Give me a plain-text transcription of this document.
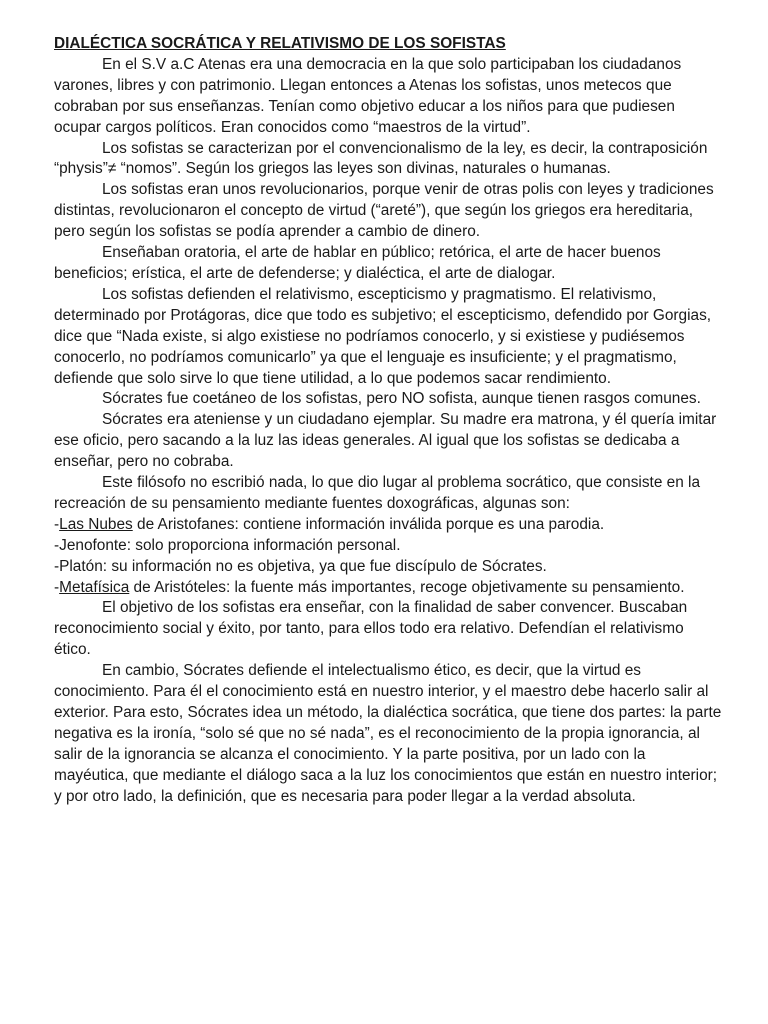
DIALÉCTICA SOCRÁTICA Y RELATIVISMO DE LOS SOFISTAS

En el S.V a.C Atenas era una democracia en la que solo participaban los ciudadanos varones, libres y con patrimonio. Llegan entonces a Atenas los sofistas, unos metecos que cobraban por sus enseñanzas. Tenían como objetivo educar a los niños para que pudiesen ocupar cargos políticos. Eran conocidos como “maestros de la virtud”.

Los sofistas se caracterizan por el convencionalismo de la ley, es decir, la contraposición “physis”≠ “nomos”. Según los griegos las leyes son divinas, naturales o humanas.

Los sofistas eran unos revolucionarios, porque venir de otras polis con leyes y tradiciones distintas, revolucionaron el concepto de virtud (“areté”), que según los griegos era hereditaria, pero según los sofistas se podía aprender a cambio de dinero.

Enseñaban oratoria, el arte de hablar en público; retórica, el arte de hacer buenos beneficios; erística, el arte de defenderse; y dialéctica, el arte de dialogar.

Los sofistas defienden el relativismo, escepticismo y pragmatismo. El relativismo, determinado por Protágoras, dice que todo es subjetivo; el escepticismo, defendido por Gorgias, dice que “Nada existe, si algo existiese no podríamos conocerlo, y si existiese y pudiésemos conocerlo, no podríamos comunicarlo” ya que el lenguaje es insuficiente; y el pragmatismo, defiende que solo sirve lo que tiene utilidad, a lo que podemos sacar rendimiento.

Sócrates fue coetáneo de los sofistas, pero NO sofista, aunque tienen rasgos comunes.

Sócrates era ateniense y un ciudadano ejemplar. Su madre era matrona, y él quería imitar ese oficio, pero sacando a la luz las ideas generales. Al igual que los sofistas se dedicaba a enseñar, pero no cobraba.

Este filósofo no escribió nada, lo que dio lugar al problema socrático, que consiste en la recreación de su pensamiento mediante fuentes doxográficas, algunas son:

-Las Nubes de Aristofanes: contiene información inválida porque es una parodia.

-Jenofonte: solo proporciona información personal.

-Platón: su información no es objetiva, ya que fue discípulo de Sócrates.

-Metafísica de Aristóteles: la fuente más importantes, recoge objetivamente su pensamiento.

El objetivo de los sofistas era enseñar, con la finalidad de saber convencer. Buscaban reconocimiento social y éxito, por tanto, para ellos todo era relativo. Defendían el relativismo ético.

En cambio, Sócrates defiende el intelectualismo ético, es decir, que la virtud es conocimiento. Para él el conocimiento está en nuestro interior, y el maestro debe hacerlo salir al exterior. Para esto, Sócrates idea un método, la dialéctica socrática, que tiene dos partes: la parte negativa es la ironía, “solo sé que no sé nada”, es el reconocimiento de la propia ignorancia, al salir de la ignorancia se alcanza el conocimiento. Y la parte positiva, por un lado con la mayéutica, que mediante el diálogo saca a la luz los conocimientos que están en nuestro interior; y por otro lado, la definición, que es necesaria para poder llegar a la verdad absoluta.
